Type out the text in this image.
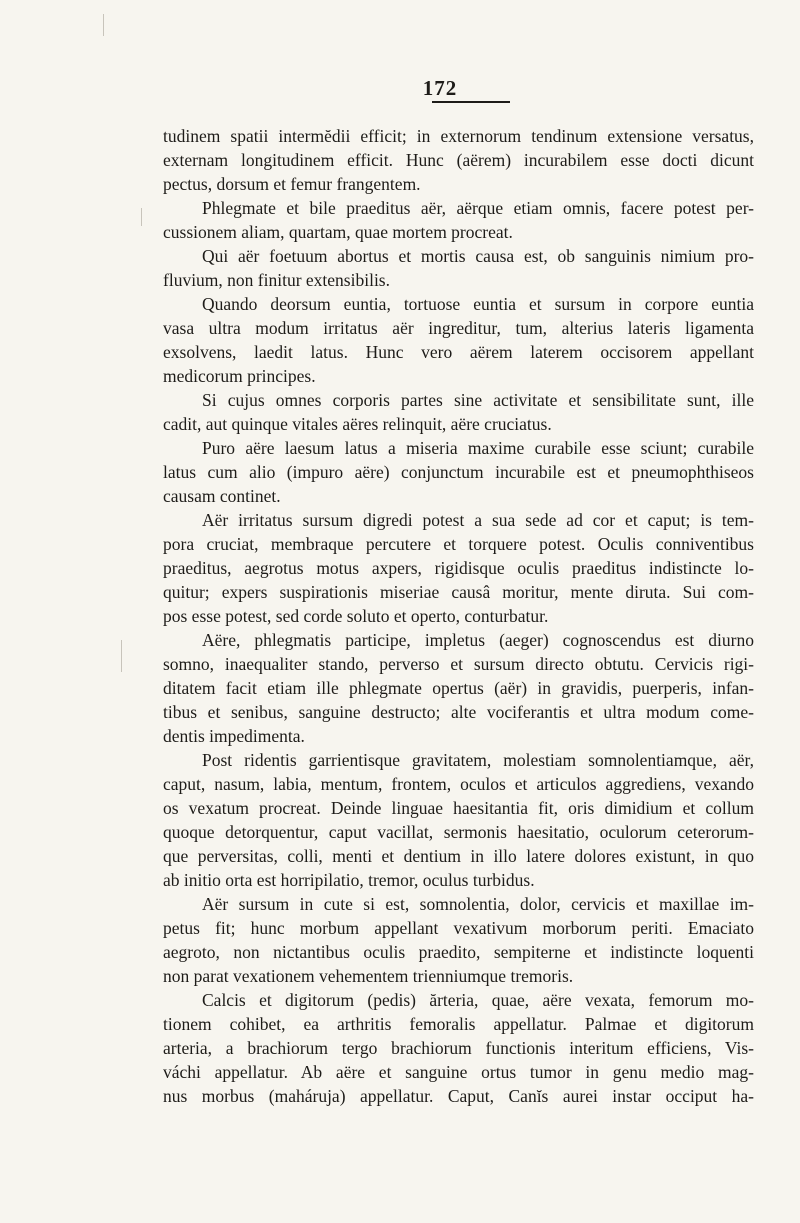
172
tudinem spatii intermĕdii efficit; in externorum tendinum extensione versatus,
externam longitudinem efficit. Hunc (aërem) incurabilem esse docti dicunt
pectus, dorsum et femur frangentem.
Phlegmate et bile praeditus aër, aërque etiam omnis, facere potest per-
cussionem aliam, quartam, quae mortem procreat.
Qui aër foetuum abortus et mortis causa est, ob sanguinis nimium pro-
fluvium, non finitur extensibilis.
Quando deorsum euntia, tortuose euntia et sursum in corpore euntia
vasa ultra modum irritatus aër ingreditur, tum, alterius lateris ligamenta
exsolvens, laedit latus. Hunc vero aërem laterem occisorem appellant
medicorum principes.
Si cujus omnes corporis partes sine activitate et sensibilitate sunt, ille
cadit, aut quinque vitales aëres relinquit, aëre cruciatus.
Puro aëre laesum latus a miseria maxime curabile esse sciunt; curabile
latus cum alio (impuro aëre) conjunctum incurabile est et pneumophthiseos
causam continet.
Aër irritatus sursum digredi potest a sua sede ad cor et caput; is tem-
pora cruciat, membraque percutere et torquere potest. Oculis conniventibus
praeditus, aegrotus motus axpers, rigidisque oculis praeditus indistincte lo-
quitur; expers suspirationis miseriae causâ moritur, mente diruta. Sui com-
pos esse potest, sed corde soluto et operto, conturbatur.
Aëre, phlegmatis participe, impletus (aeger) cognoscendus est diurno
somno, inaequaliter stando, perverso et sursum directo obtutu. Cervicis rigi-
ditatem facit etiam ille phlegmate opertus (aër) in gravidis, puerperis, infan-
tibus et senibus, sanguine destructo; alte vociferantis et ultra modum come-
dentis impedimenta.
Post ridentis garrientisque gravitatem, molestiam somnolentiamque, aër,
caput, nasum, labia, mentum, frontem, oculos et articulos aggrediens, vexando
os vexatum procreat. Deinde linguae haesitantia fit, oris dimidium et collum
quoque detorquentur, caput vacillat, sermonis haesitatio, oculorum ceterorum-
que perversitas, colli, menti et dentium in illo latere dolores existunt, in quo
ab initio orta est horripilatio, tremor, oculus turbidus.
Aër sursum in cute si est, somnolentia, dolor, cervicis et maxillae im-
petus fit; hunc morbum appellant vexativum morborum periti. Emaciato
aegroto, non nictantibus oculis praedito, sempiterne et indistincte loquenti
non parat vexationem vehementem trienniumque tremoris.
Calcis et digitorum (pedis) ărteria, quae, aëre vexata, femorum mo-
tionem cohibet, ea arthritis femoralis appellatur. Palmae et digitorum
arteria, a brachiorum tergo brachiorum functionis interitum efficiens, Vis-
váchi appellatur. Ab aëre et sanguine ortus tumor in genu medio mag-
nus morbus (maháruja) appellatur. Caput, Canĭs aurei instar occiput ha-
